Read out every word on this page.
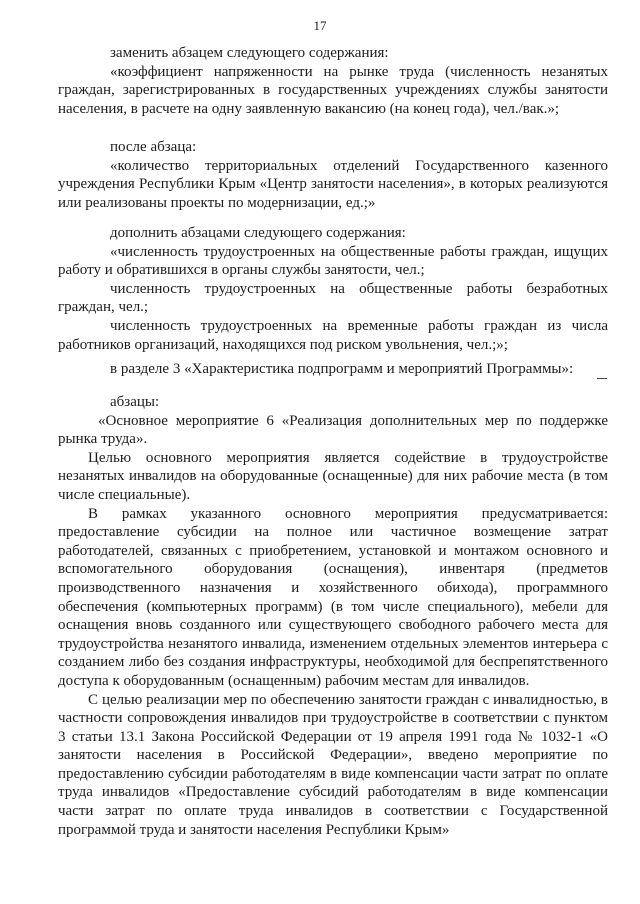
17

заменить абзацем следующего содержания:

«коэффициент напряженности на рынке труда (численность незанятых граждан, зарегистрированных в государственных учреждениях службы занятости населения, в расчете на одну заявленную вакансию (на конец года), чел./вак.»;

после абзаца:

«количество территориальных отделений Государственного казенного учреждения Республики Крым «Центр занятости населения», в которых реализуются или реализованы проекты по модернизации, ед.;»

дополнить абзацами следующего содержания:

«численность трудоустроенных на общественные работы граждан, ищущих работу и обратившихся в органы службы занятости, чел.;

численность трудоустроенных на общественные работы безработных граждан, чел.;

численность трудоустроенных на временные работы граждан из числа работников организаций, находящихся под риском увольнения, чел.;»;

в разделе 3 «Характеристика подпрограмм и мероприятий Программы»:

абзацы:

«Основное мероприятие 6 «Реализация дополнительных мер по поддержке рынка труда».

Целью основного мероприятия является содействие в трудоустройстве незанятых инвалидов на оборудованные (оснащенные) для них рабочие места (в том числе специальные).

В рамках указанного основного мероприятия предусматривается: предоставление субсидии на полное или частичное возмещение затрат работодателей, связанных с приобретением, установкой и монтажом основного и вспомогательного оборудования (оснащения), инвентаря (предметов производственного назначения и хозяйственного обихода), программного обеспечения (компьютерных программ) (в том числе специального), мебели для оснащения вновь созданного или существующего свободного рабочего места для трудоустройства незанятого инвалида, изменением отдельных элементов интерьера с созданием либо без создания инфраструктуры, необходимой для беспрепятственного доступа к оборудованным (оснащенным) рабочим местам для инвалидов.

С целью реализации мер по обеспечению занятости граждан с инвалидностью, в частности сопровождения инвалидов при трудоустройстве в соответствии с пунктом 3 статьи 13.1 Закона Российской Федерации от 19 апреля 1991 года № 1032-1 «О занятости населения в Российской Федерации», введено мероприятие по предоставлению субсидии работодателям в виде компенсации части затрат по оплате труда инвалидов «Предоставление субсидий работодателям в виде компенсации части затрат по оплате труда инвалидов в соответствии с Государственной программой труда и занятости населения Республики Крым»
